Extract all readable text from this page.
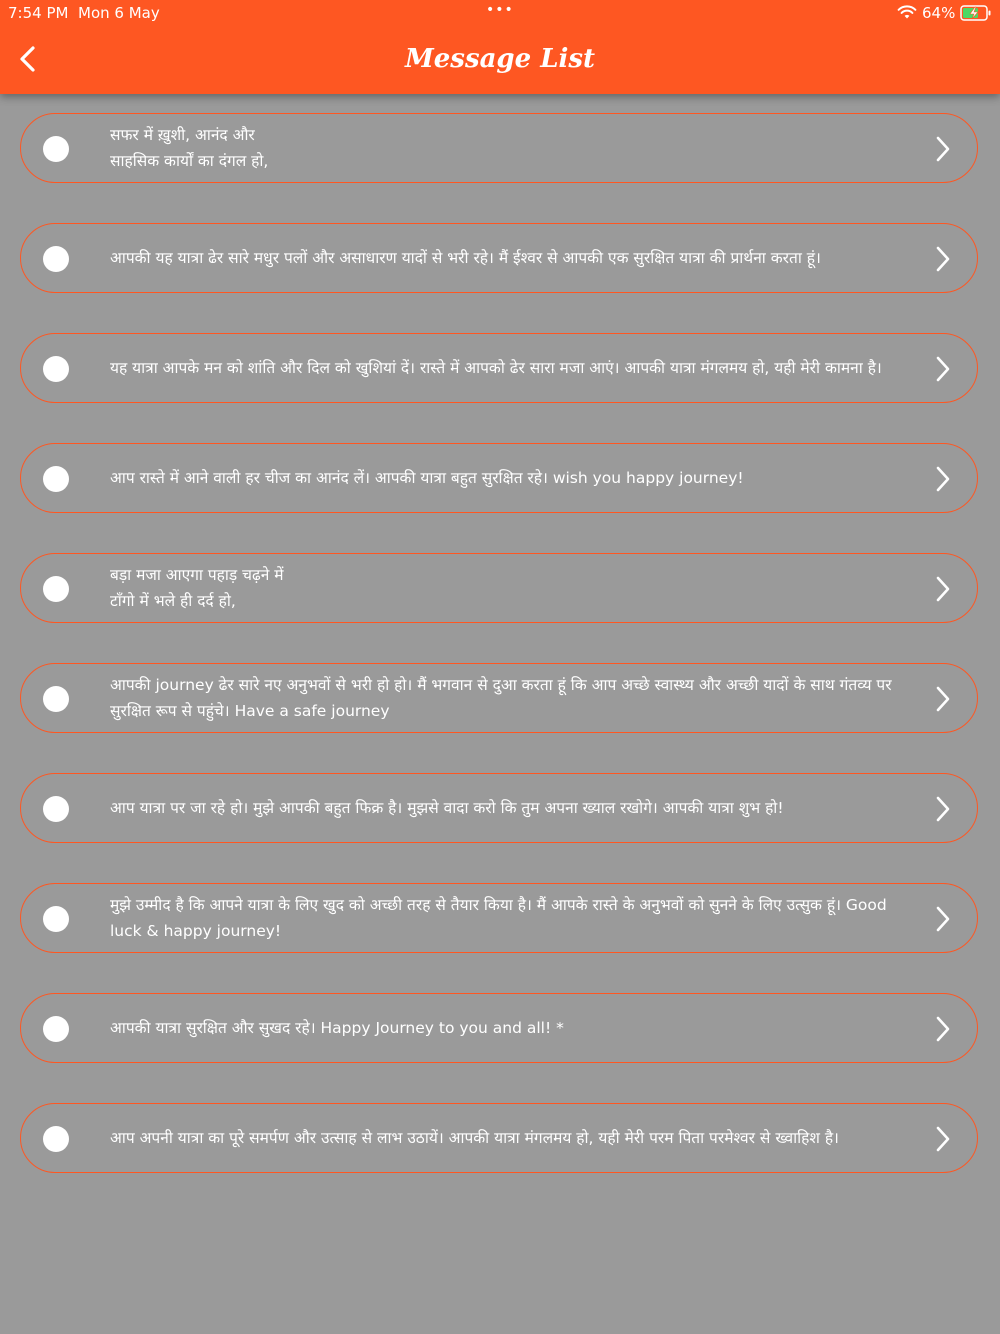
7:54 PM Mon 6 May	•••	64%
Message List
सफर में ख़ुशी, आनंद और
साहसिक कार्यों का दंगल हो,
आपकी यह यात्रा ढेर सारे मधुर पलों और असाधारण यादों से भरी रहे। मैं ईश्वर से आपकी एक सुरक्षित यात्रा की प्रार्थना करता हूं।
यह यात्रा आपके मन को शांति और दिल को खुशियां दें। रास्ते में आपको ढेर सारा मजा आएं। आपकी यात्रा मंगलमय हो, यही मेरी कामना है।
आप रास्ते में आने वाली हर चीज का आनंद लें। आपकी यात्रा बहुत सुरक्षित रहे। wish you happy journey!
बड़ा मजा आएगा पहाड़ चढ़ने में
टाँगो में भले ही दर्द हो,
आपकी journey ढेर सारे नए अनुभवों से भरी हो हो। मैं भगवान से दुआ करता हूं कि आप अच्छे स्वास्थ्य और अच्छी यादों के साथ गंतव्य पर सुरक्षित रूप से पहुंचे। Have a safe journey
आप यात्रा पर जा रहे हो। मुझे आपकी बहुत फिक्र है। मुझसे वादा करो कि तुम अपना ख्याल रखोगे। आपकी यात्रा शुभ हो!
मुझे उम्मीद है कि आपने यात्रा के लिए खुद को अच्छी तरह से तैयार किया है। मैं आपके रास्ते के अनुभवों को सुनने के लिए उत्सुक हूं। Good luck & happy journey!
आपकी यात्रा सुरक्षित और सुखद रहे। Happy Journey to you and all! *
आप अपनी यात्रा का पूरे समर्पण और उत्साह से लाभ उठायें। आपकी यात्रा मंगलमय हो, यही मेरी परम पिता परमेश्वर से ख्वाहिश है।
